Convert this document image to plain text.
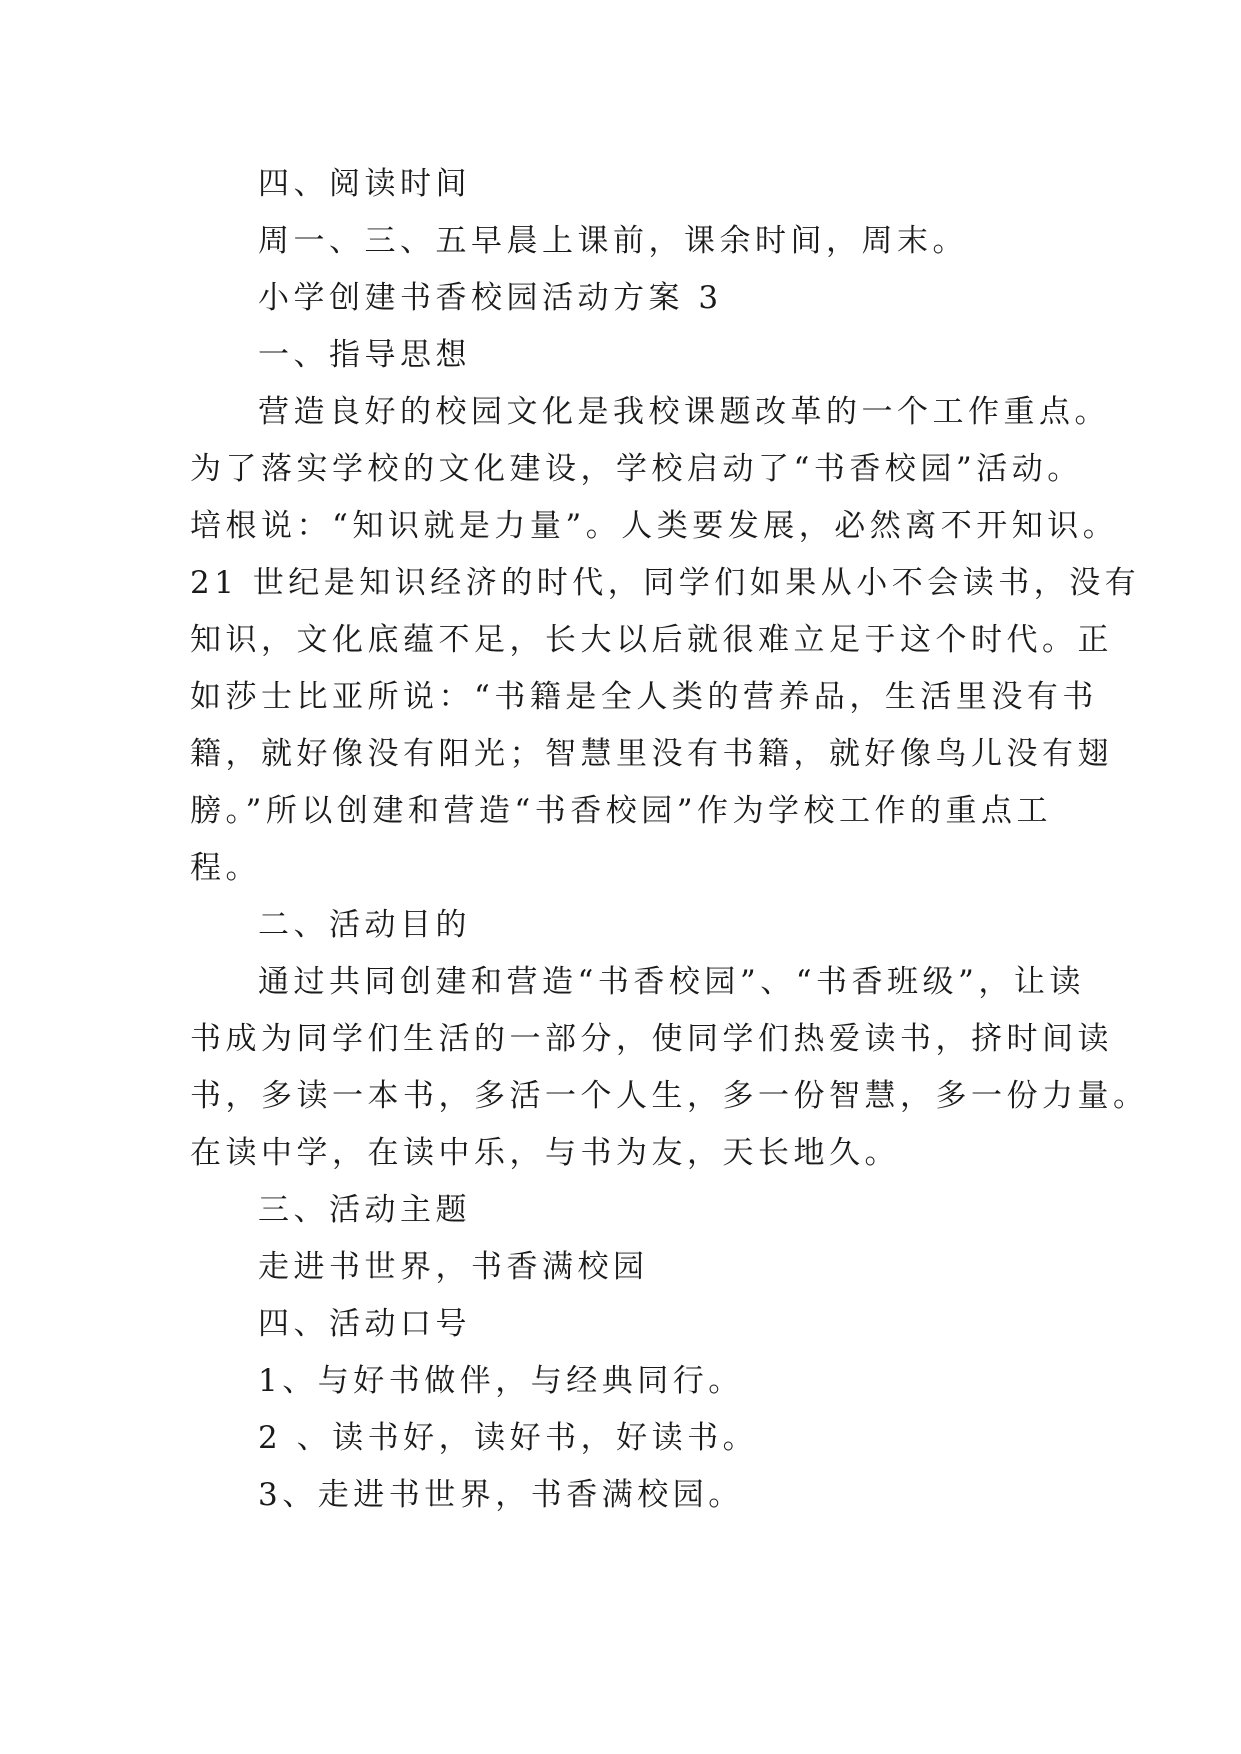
四、阅读时间
周一、三、五早晨上课前，课余时间，周末。
小学创建书香校园活动方案 3
一、指导思想
营造良好的校园文化是我校课题改革的一个工作重点。
为了落实学校的文化建设，学校启动了“书香校园”活动。
培根说：“知识就是力量”。人类要发展，必然离不开知识。
21 世纪是知识经济的时代，同学们如果从小不会读书，没有
知识，文化底蕴不足，长大以后就很难立足于这个时代。正
如莎士比亚所说：“书籍是全人类的营养品，生活里没有书
籍，就好像没有阳光；智慧里没有书籍，就好像鸟儿没有翅
膀。”所以创建和营造“书香校园”作为学校工作的重点工
程。
二、活动目的
通过共同创建和营造“书香校园”、“书香班级”，让读
书成为同学们生活的一部分，使同学们热爱读书，挤时间读
书，多读一本书，多活一个人生，多一份智慧，多一份力量。
在读中学，在读中乐，与书为友，天长地久。
三、活动主题
走进书世界，书香满校园
四、活动口号
1、与好书做伴，与经典同行。
2 、读书好，读好书，好读书。
3、走进书世界，书香满校园。
